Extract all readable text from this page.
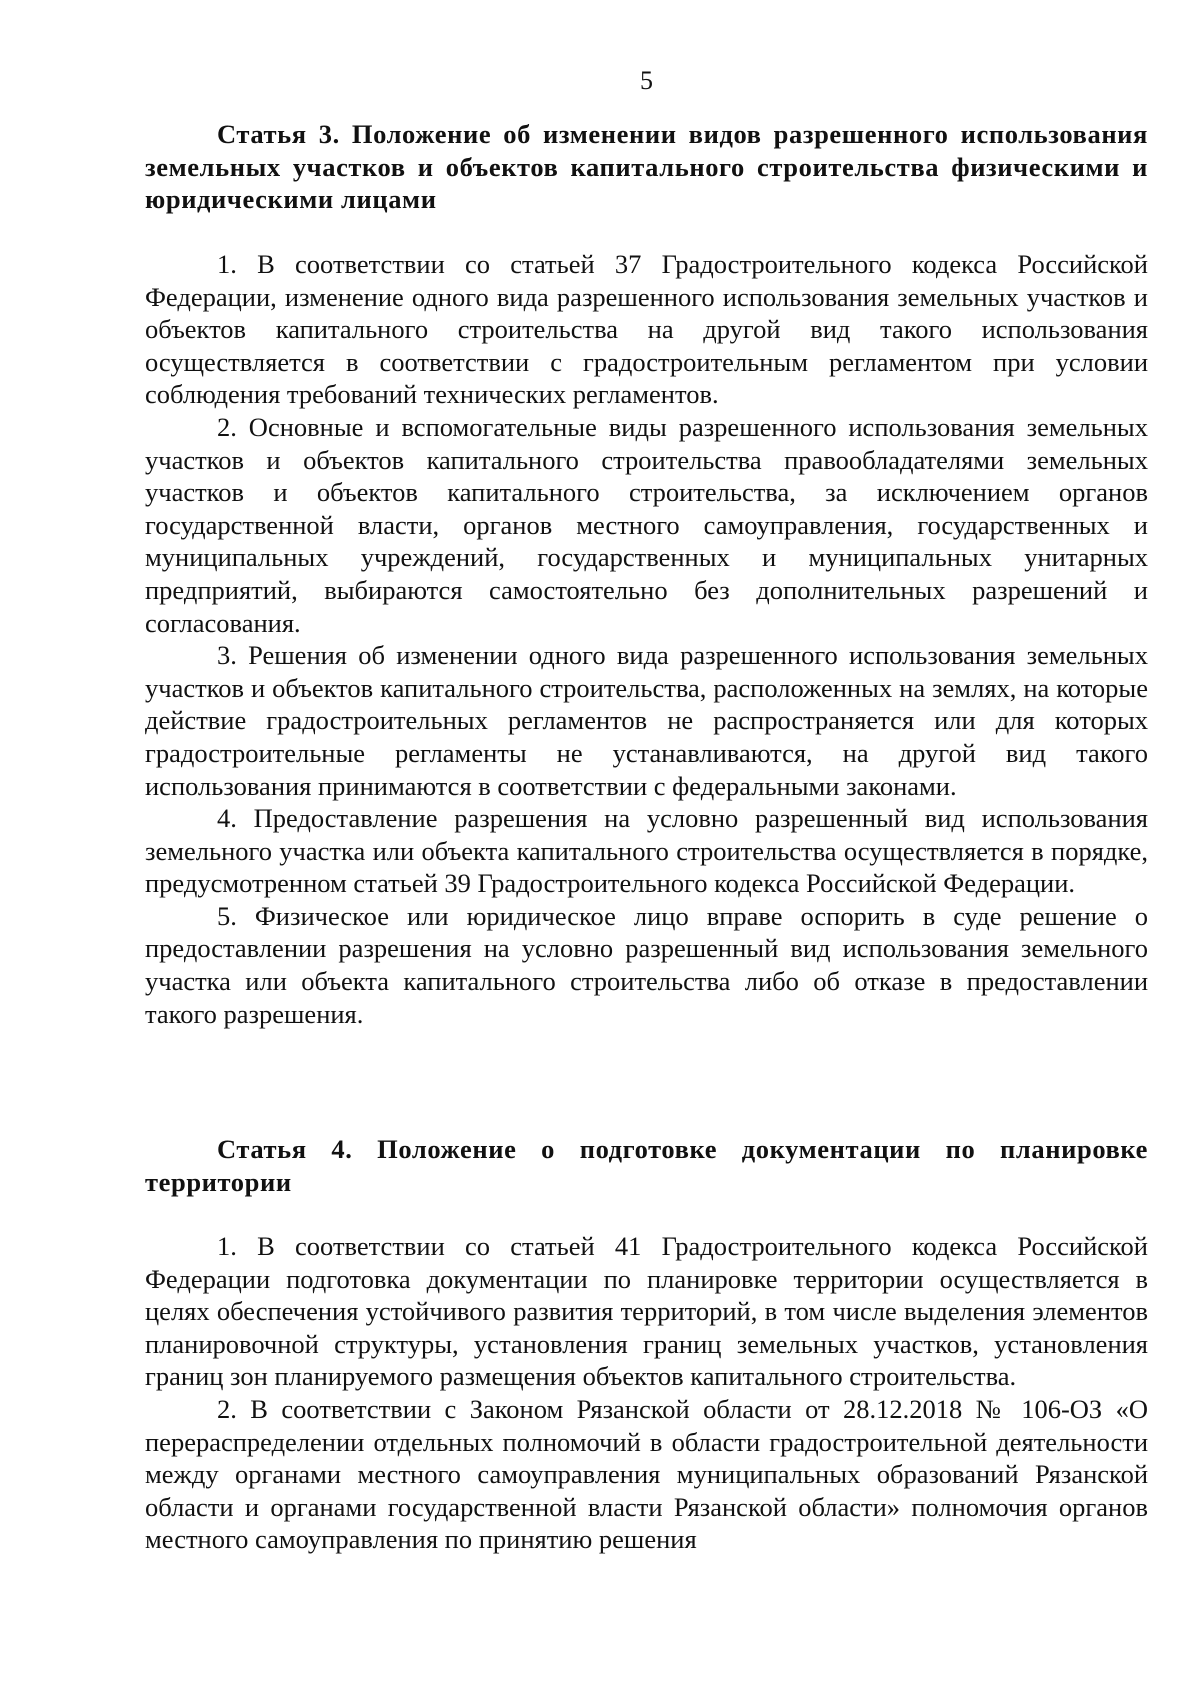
5
Статья 3. Положение об изменении видов разрешенного использования земельных участков и объектов капитального строительства физическими и юридическими лицами

1. В соответствии со статьей 37 Градостроительного кодекса Российской Федерации, изменение одного вида разрешенного использования земельных участков и объектов капитального строительства на другой вид такого использования осуществляется в соответствии с градостроительным регламентом при условии соблюдения требований технических регламентов.

2. Основные и вспомогательные виды разрешенного использования земельных участков и объектов капитального строительства правообладателями земельных участков и объектов капитального строительства, за исключением органов государственной власти, органов местного самоуправления, государственных и муниципальных учреждений, государственных и муниципальных унитарных предприятий, выбираются самостоятельно без дополнительных разрешений и согласования.

3. Решения об изменении одного вида разрешенного использования земельных участков и объектов капитального строительства, расположенных на землях, на которые действие градостроительных регламентов не распространяется или для которых градостроительные регламенты не устанавливаются, на другой вид такого использования принимаются в соответствии с федеральными законами.

4. Предоставление разрешения на условно разрешенный вид использования земельного участка или объекта капитального строительства осуществляется в порядке, предусмотренном статьей 39 Градостроительного кодекса Российской Федерации.

5. Физическое или юридическое лицо вправе оспорить в суде решение о предоставлении разрешения на условно разрешенный вид использования земельного участка или объекта капитального строительства либо об отказе в предоставлении такого разрешения.

Статья 4. Положение о подготовке документации по планировке территории

1. В соответствии со статьей 41 Градостроительного кодекса Российской Федерации подготовка документации по планировке территории осуществляется в целях обеспечения устойчивого развития территорий, в том числе выделения элементов планировочной структуры, установления границ земельных участков, установления границ зон планируемого размещения объектов капитального строительства.

2. В соответствии с Законом Рязанской области от 28.12.2018 № 106-ОЗ «О перераспределении отдельных полномочий в области градостроительной деятельности между органами местного самоуправления муниципальных образований Рязанской области и органами государственной власти Рязанской области» полномочия органов местного самоуправления по принятию решения
